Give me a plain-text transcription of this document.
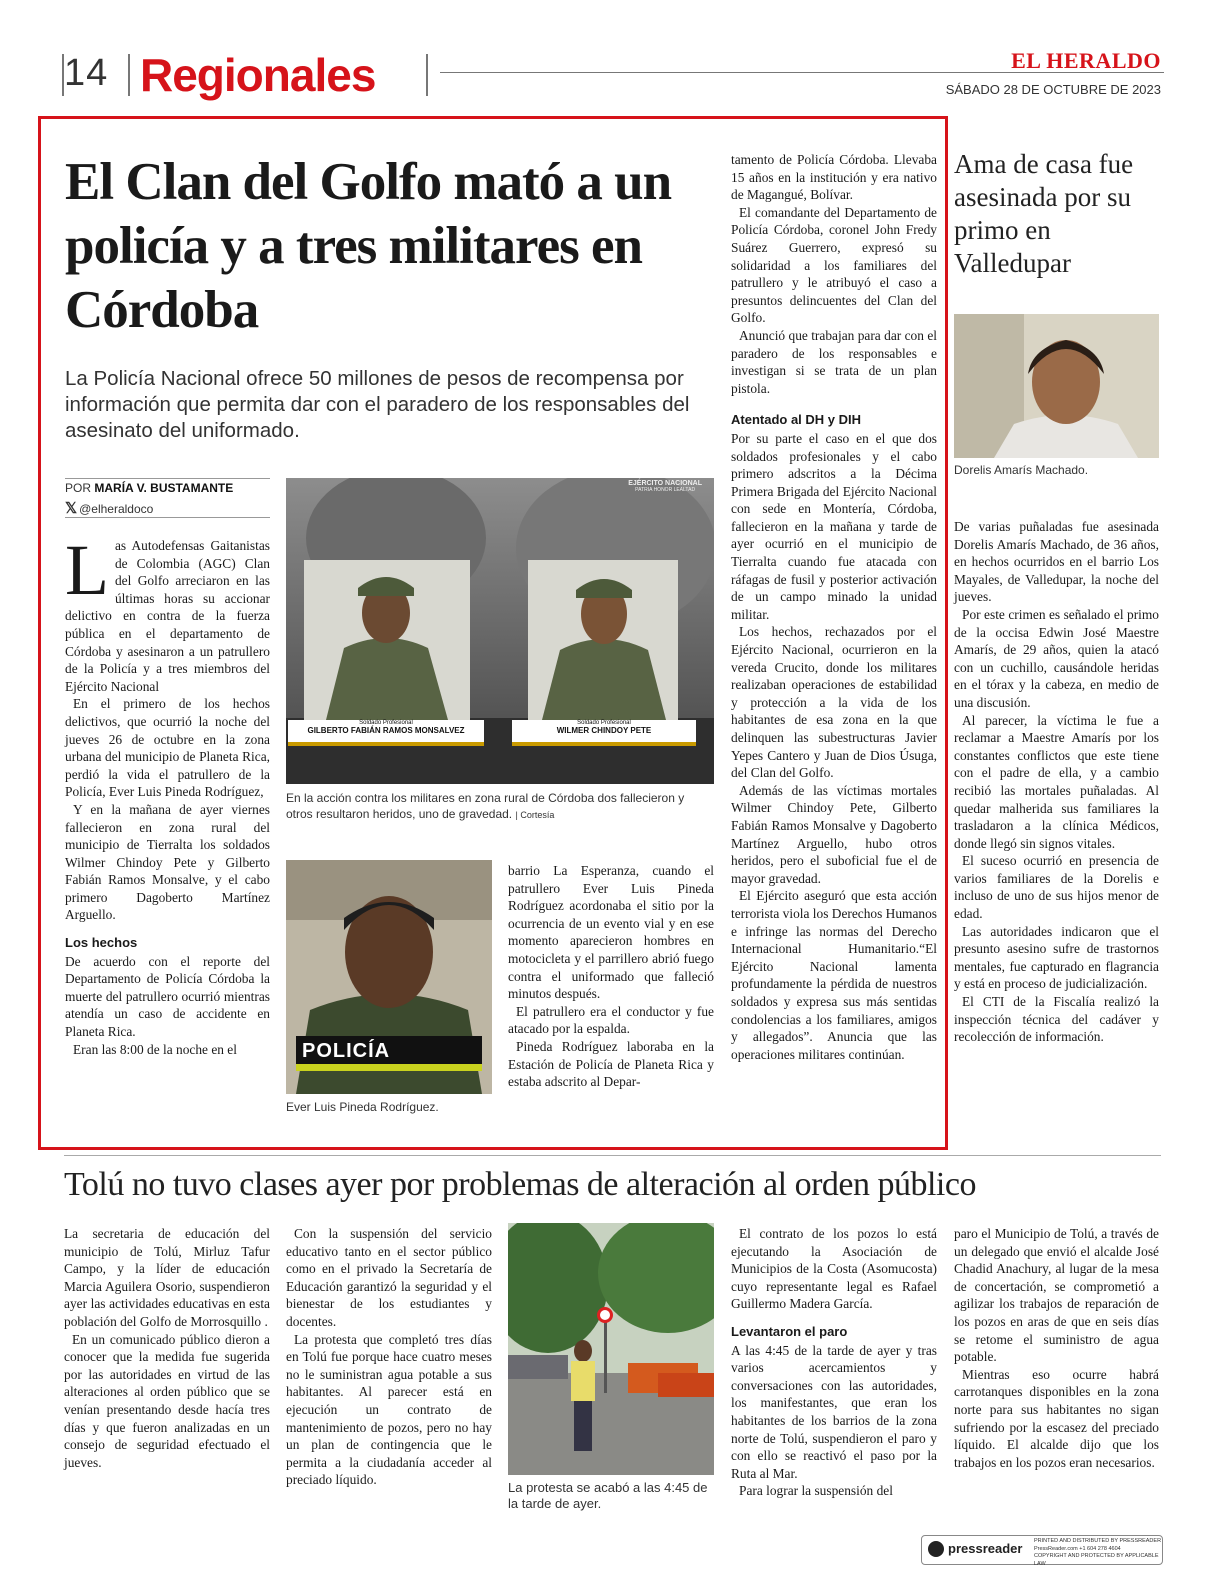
14 Regionales	EL HERALDO
SÁBADO 28 DE OCTUBRE DE 2023
El Clan del Golfo mató a un policía y a tres militares en Córdoba
La Policía Nacional ofrece 50 millones de pesos de recompensa por información que permita dar con el paradero de los responsables del asesinato del uniformado.
POR MARÍA V. BUSTAMANTE
𝕏 @elheraldoco

Las Autodefensas Gaitanistas de Colombia (AGC) Clan del Golfo arreciaron en las últimas horas su accionar delictivo en contra de la fuerza pública en el departamento de Córdoba y asesinaron a un patrullero de la Policía y a tres miembros del Ejército Nacional

En el primero de los hechos delictivos, que ocurrió la noche del jueves 26 de octubre en la zona urbana del municipio de Planeta Rica, perdió la vida el patrullero de la Policía, Ever Luis Pineda Rodríguez,

Y en la mañana de ayer viernes fallecieron en zona rural del municipio de Tierralta los soldados Wilmer Chindoy Pete y Gilberto Fabián Ramos Monsalve, y el cabo primero Dagoberto Martínez Arguello.

Los hechos

De acuerdo con el reporte del Departamento de Policía Córdoba la muerte del patrullero ocurrió mientras atendía un caso de accidente en Planeta Rica.

Eran las 8:00 de la noche en el

EJÉRCITO NACIONAL
PATRIA HONOR LEALTAD
Soldado Profesional
GILBERTO FABIÁN RAMOS MONSALVEZ
Soldado Profesional
WILMER CHINDOY PETE
En la acción contra los militares en zona rural de Córdoba dos fallecieron y otros resultaron heridos, uno de gravedad. | Cortesía
POLICÍA
Ever Luis Pineda Rodríguez.

barrio La Esperanza, cuando el patrullero Ever Luis Pineda Rodríguez acordonaba el sitio por la ocurrencia de un evento vial y en ese momento aparecieron hombres en motocicleta y el parrillero abrió fuego contra el uniformado que falleció minutos después.

El patrullero era el conductor y fue atacado por la espalda.

Pineda Rodríguez laboraba en la Estación de Policía de Planeta Rica y estaba adscrito al Depar-

tamento de Policía Córdoba. Llevaba 15 años en la institución y era nativo de Magangué, Bolívar.

El comandante del Departamento de Policía Córdoba, coronel John Fredy Suárez Guerrero, expresó su solidaridad a los familiares del patrullero y le atribuyó el caso a presuntos delincuentes del Clan del Golfo.

Anunció que trabajan para dar con el paradero de los responsables e investigan si se trata de un plan pistola.

Atentado al DH y DIH

Por su parte el caso en el que dos soldados profesionales y el cabo primero adscritos a la Décima Primera Brigada del Ejército Nacional con sede en Montería, Córdoba, fallecieron en la mañana y tarde de ayer ocurrió en el municipio de Tierralta cuando fue atacada con ráfagas de fusil y posterior activación de un campo minado la unidad militar.

Los hechos, rechazados por el Ejército Nacional, ocurrieron en la vereda Crucito, donde los militares realizaban operaciones de estabilidad y protección a la vida de los habitantes de esa zona en la que delinquen las subestructuras Javier Yepes Cantero y Juan de Dios Úsuga, del Clan del Golfo.

Además de las víctimas mortales Wilmer Chindoy Pete, Gilberto Fabián Ramos Monsalve y Dagoberto Martínez Arguello, hubo otros heridos, pero el suboficial fue el de mayor gravedad.

El Ejército aseguró que esta acción terrorista viola los Derechos Humanos e infringe las normas del Derecho Internacional Humanitario.“El Ejército Nacional lamenta profundamente la pérdida de nuestros soldados y expresa sus más sentidas condolencias a los familiares, amigos y allegados”. Anuncia que las operaciones militares continúan.

Ama de casa fue asesinada por su primo en Valledupar
Dorelis Amarís Machado.

De varias puñaladas fue asesinada Dorelis Amarís Machado, de 36 años, en hechos ocurridos en el barrio Los Mayales, de Valledupar, la noche del jueves.

Por este crimen es señalado el primo de la occisa Edwin José Maestre Amarís, de 29 años, quien la atacó con un cuchillo, causándole heridas en el tórax y la cabeza, en medio de una discusión.

Al parecer, la víctima le fue a reclamar a Maestre Amarís por los constantes conflictos que este tiene con el padre de ella, y a cambio recibió las mortales puñaladas. Al quedar malherida sus familiares la trasladaron a la clínica Médicos, donde llegó sin signos vitales.

El suceso ocurrió en presencia de varios familiares de la Dorelis e incluso de uno de sus hijos menor de edad.

Las autoridades indicaron que el presunto asesino sufre de trastornos mentales, fue capturado en flagrancia y está en proceso de judicialización.

El CTI de la Fiscalía realizó la inspección técnica del cadáver y recolección de información.

Tolú no tuvo clases ayer por problemas de alteración al orden público

La secretaria de educación del municipio de Tolú, Mirluz Tafur Campo, y la líder de educación Marcia Aguilera Osorio, suspendieron ayer las actividades educativas en esta población del Golfo de Morrosquillo .

En un comunicado público dieron a conocer que la medida fue sugerida por las autoridades en virtud de las alteraciones al orden público que se venían presentando desde hacía tres días y que fueron analizadas en un consejo de seguridad efectuado el jueves.

Con la suspensión del servicio educativo tanto en el sector público como en el privado la Secretaría de Educación garantizó la seguridad y el bienestar de los estudiantes y docentes.

La protesta que completó tres días en Tolú fue porque hace cuatro meses no le suministran agua potable a sus habitantes. Al parecer está en ejecución un contrato de mantenimiento de pozos, pero no hay un plan de contingencia que le permita a la ciudadanía acceder al preciado líquido.

La protesta se acabó a las 4:45 de la tarde de ayer.

El contrato de los pozos lo está ejecutando la Asociación de Municipios de la Costa (Asomucosta) cuyo representante legal es Rafael Guillermo Madera García.

Levantaron el paro

A las 4:45 de la tarde de ayer y tras varios acercamientos y conversaciones con las autoridades, los manifestantes, que eran los habitantes de los barrios de la zona norte de Tolú, suspendieron el paro y con ello se reactivó el paso por la Ruta al Mar.

Para lograr la suspensión del

paro el Municipio de Tolú, a través de un delegado que envió el alcalde José Chadid Anachury, al lugar de la mesa de concertación, se comprometió a agilizar los trabajos de reparación de los pozos en aras de que en seis días se retome el suministro de agua potable.

Mientras eso ocurre habrá carrotanques disponibles en la zona norte para sus habitantes no sigan sufriendo por la escasez del preciado líquido. El alcalde dijo que los trabajos en los pozos eran necesarios.

pressreader PRINTED AND DISTRIBUTED BY PRESSREADER
PressReader.com +1 604 278 4604
COPYRIGHT AND PROTECTED BY APPLICABLE LAW
